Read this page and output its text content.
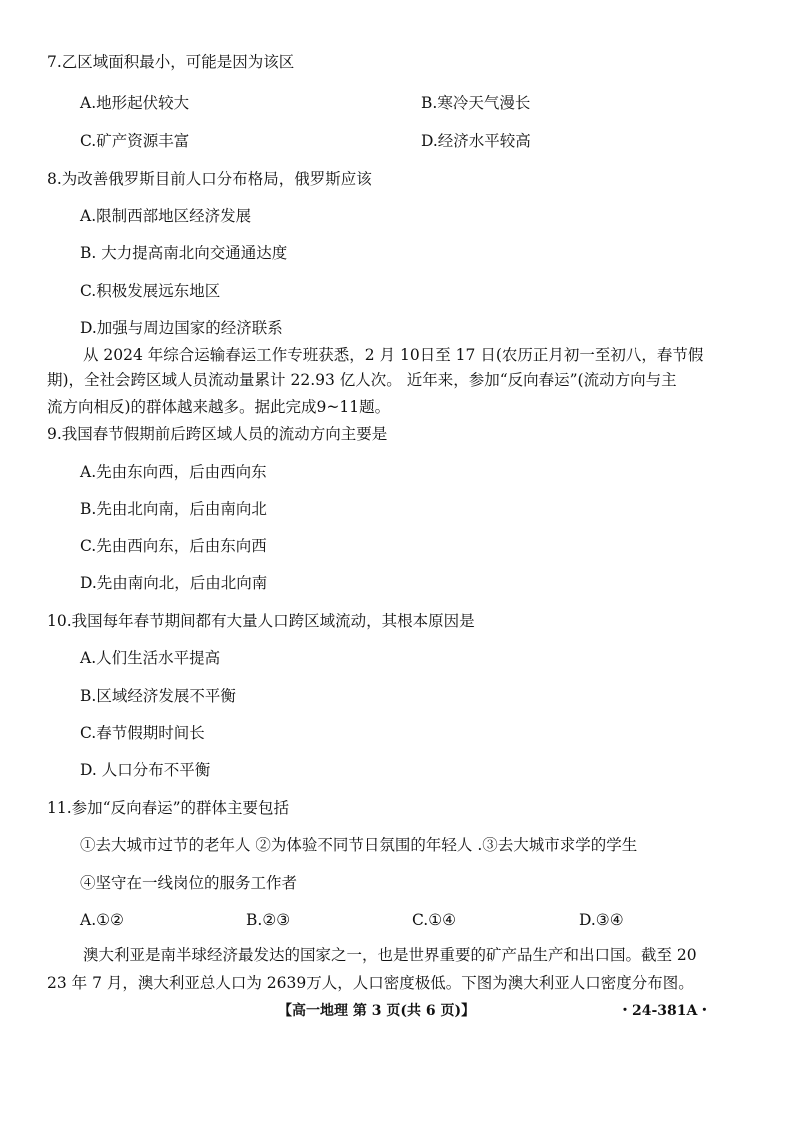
7.乙区域面积最小，可能是因为该区
A.地形起伏较大	B.寒冷天气漫长
C.矿产资源丰富	D.经济水平较高
8.为改善俄罗斯目前人口分布格局，俄罗斯应该
A.限制西部地区经济发展
B. 大力提高南北向交通通达度
C.积极发展远东地区
D.加强与周边国家的经济联系
从 2024 年综合运输春运工作专班获悉，2 月 10日至 17 日(农历正月初一至初八，春节假
期)，全社会跨区域人员流动量累计 22.93 亿人次。 近年来，参加“反向春运”(流动方向与主
流方向相反)的群体越来越多。据此完成9~11题。
9.我国春节假期前后跨区域人员的流动方向主要是
A.先由东向西，后由西向东
B.先由北向南，后由南向北
C.先由西向东，后由东向西
D.先由南向北，后由北向南
10.我国每年春节期间都有大量人口跨区域流动，其根本原因是
A.人们生活水平提高
B.区域经济发展不平衡
C.春节假期时间长
D. 人口分布不平衡
11.参加“反向春运”的群体主要包括
①去大城市过节的老年人 ②为体验不同节日氛围的年轻人 .③去大城市求学的学生
④坚守在一线岗位的服务工作者
A.①②	B.②③	C.①④	D.③④
澳大利亚是南半球经济最发达的国家之一，也是世界重要的矿产品生产和出口国。截至 20
23 年 7 月，澳大利亚总人口为 2639万人，人口密度极低。下图为澳大利亚人口密度分布图。
【高一地理 第 3 页(共 6 页)】	・24-381A・
